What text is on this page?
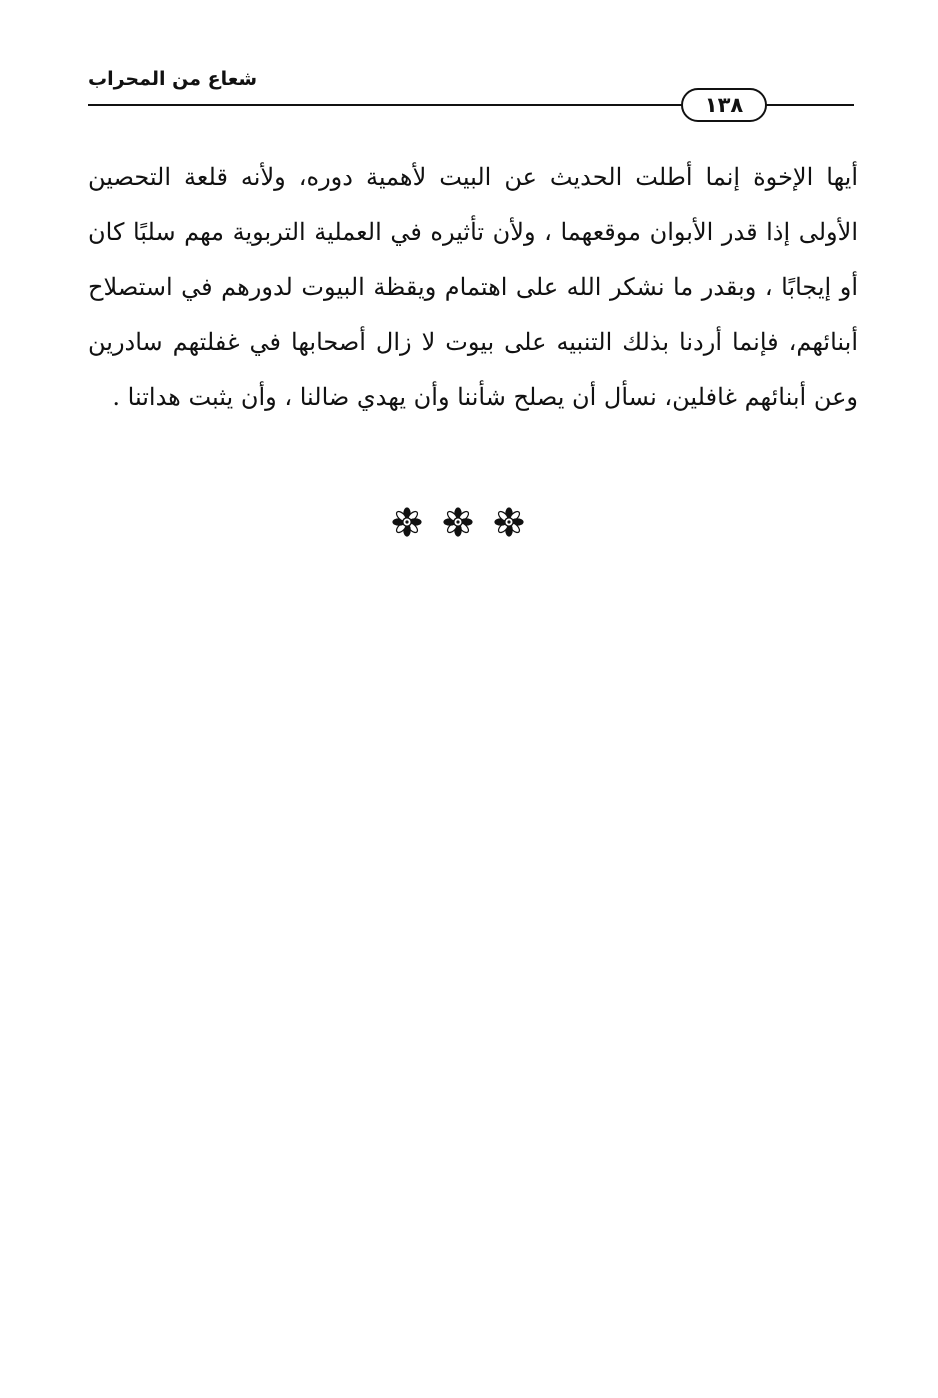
شعاع من المحراب
١٣٨
أيها الإخوة إنما أطلت الحديث عن البيت لأهمية دوره، ولأنه قلعة التحصين
الأولى إذا قدر الأبوان موقعهما ، ولأن تأثيره في العملية التربوية مهم سلبًا كان
أو إيجابًا ، وبقدر ما نشكر الله على اهتمام ويقظة البيوت لدورهم في استصلاح
أبنائهم، فإنما أردنا بذلك التنبيه على بيوت لا زال أصحابها في غفلتهم سادرين
وعن أبنائهم غافلين، نسأل أن يصلح شأننا وأن يهدي ضالنا ، وأن يثبت هداتنا .
